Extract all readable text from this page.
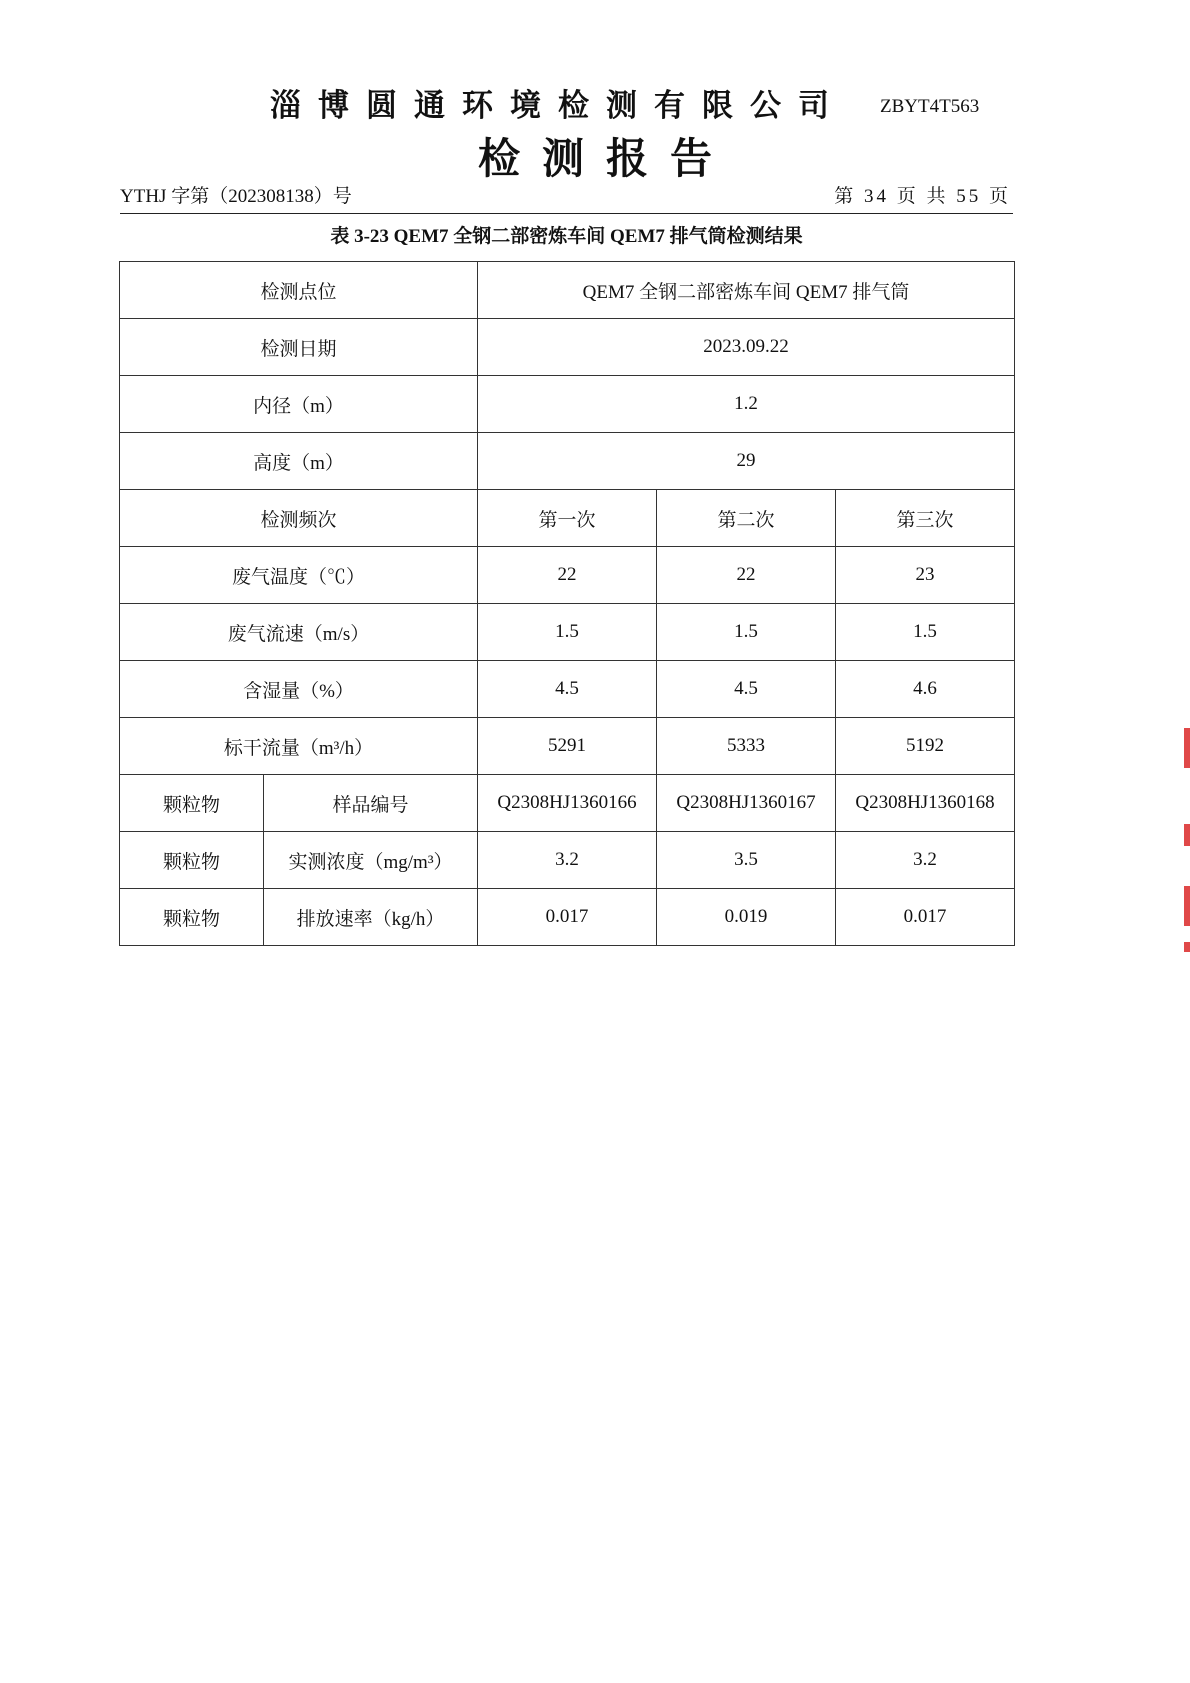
淄博圆通环境检测有限公司 ZBYT4T563
检测报告
YTHJ 字第（202308138）号	第 34 页 共 55 页
表 3-23 QEM7 全钢二部密炼车间 QEM7 排气筒检测结果
检测点位		QEM7 全钢二部密炼车间 QEM7 排气筒		
检测日期		2023.09.22		
内径（m）		1.2		
高度（m）		29		
检测频次		第一次	第二次	第三次
废气温度（℃）		22	22	23
废气流速（m/s）		1.5	1.5	1.5
含湿量（%）		4.5	4.5	4.6
标干流量（m³/h）		5291	5333	5192
颗粒物	样品编号	Q2308HJ1360166	Q2308HJ1360167	Q2308HJ1360168
颗粒物	实测浓度（mg/m³）	3.2	3.5	3.2
颗粒物	排放速率（kg/h）	0.017	0.019	0.017
